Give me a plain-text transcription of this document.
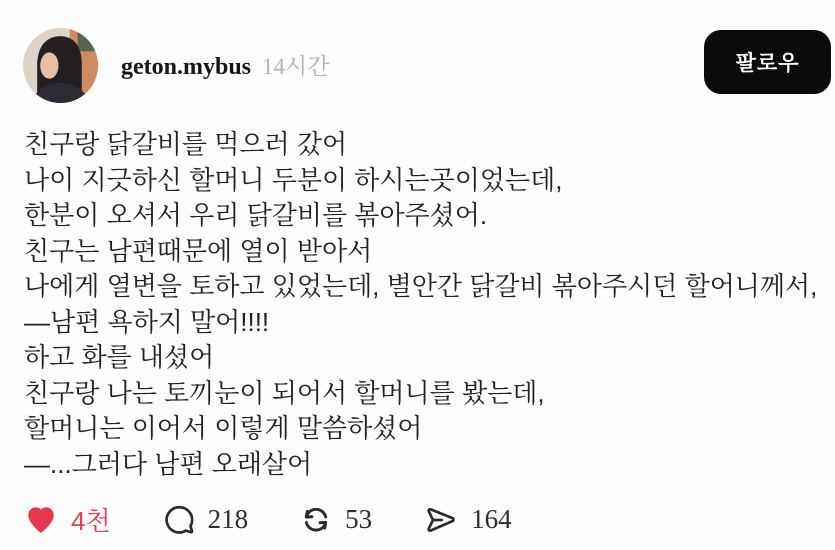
geton.mybus 14시간	팔로우
친구랑 닭갈비를 먹으러 갔어
나이 지긋하신 할머니 두분이 하시는곳이었는데,
한분이 오셔서 우리 닭갈비를 볶아주셨어.
친구는 남편때문에 열이 받아서
나에게 열변을 토하고 있었는데, 별안간 닭갈비 볶아주시던 할어니께서,
—남편 욕하지 말어!!!!
하고 화를 내셨어
친구랑 나는 토끼눈이 되어서 할머니를 봤는데,
할머니는 이어서 이렇게 말씀하셨어
—...그러다 남편 오래살어
4천	218	53	164
